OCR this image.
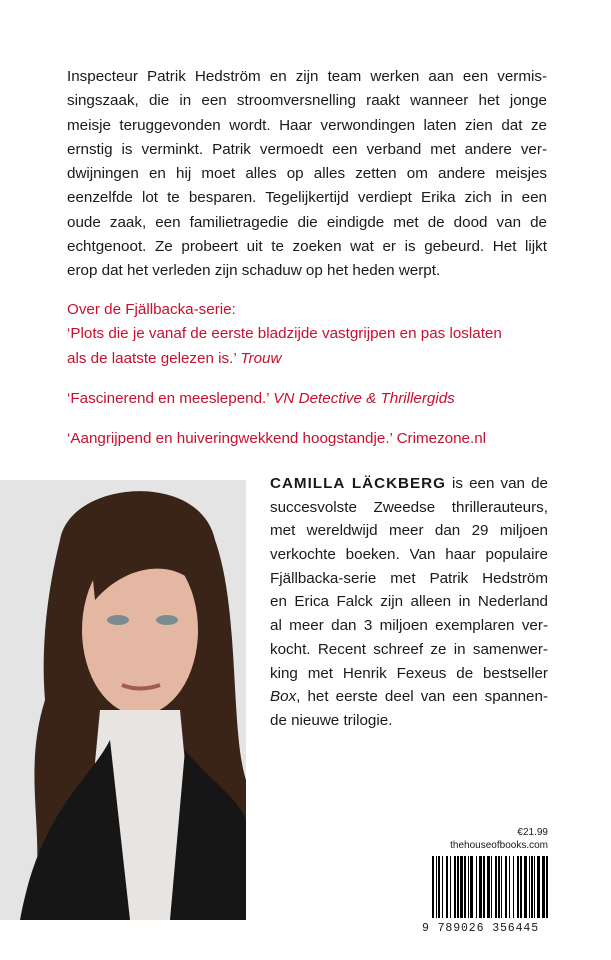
Inspecteur Patrik Hedström en zijn team werken aan een vermis-
singszaak, die in een stroomversnelling raakt wanneer het jonge
meisje teruggevonden wordt. Haar verwondingen laten zien dat ze
ernstig is verminkt. Patrik vermoedt een verband met andere ver-
dwijningen en hij moet alles op alles zetten om andere meisjes
eenzelfde lot te besparen. Tegelijkertijd verdiept Erika zich in een
oude zaak, een familietragedie die eindigde met de dood van de
echtgenoot. Ze probeert uit te zoeken wat er is gebeurd. Het lijkt
erop dat het verleden zijn schaduw op het heden werpt.
Over de Fjällbacka-serie:
‘Plots die je vanaf de eerste bladzijde vastgrijpen en pas loslaten
als de laatste gelezen is.’ Trouw
‘Fascinerend en meeslepend.’ VN Detective & Thrillergids
‘Aangrijpend en huiveringwekkend hoogstandje.’ Crimezone.nl
CAMILLA LÄCKBERG is een van de
succesvolste Zweedse thrillerauteurs,
met wereldwijd meer dan 29 miljoen
verkochte boeken. Van haar populaire
Fjällbacka-serie met Patrik Hedström
en Erica Falck zijn alleen in Nederland
al meer dan 3 miljoen exemplaren ver-
kocht. Recent schreef ze in samenwer-
king met Henrik Fexeus de bestseller
Box, het eerste deel van een spannen-
de nieuwe trilogie.
€21.99
thehouseofbooks.com
9 789026 356445
